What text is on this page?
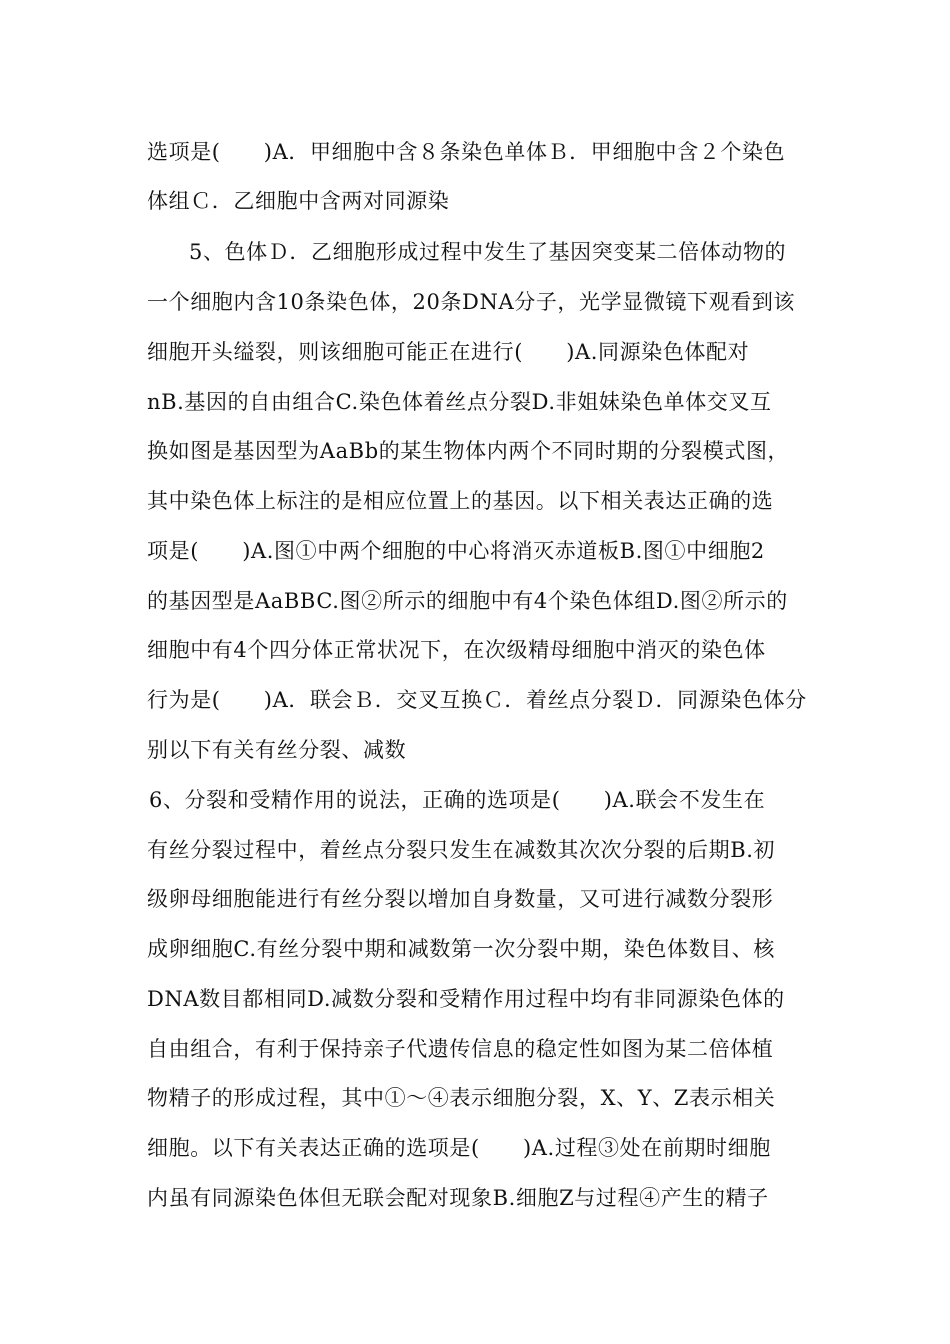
选项是(　　)A．甲细胞中含８条染色单体Ｂ．甲细胞中含２个染色
体组Ｃ．乙细胞中含两对同源染
5、色体Ｄ．乙细胞形成过程中发生了基因突变某二倍体动物的
一个细胞内含10条染色体，20条DNA分子，光学显微镜下观看到该
细胞开头缢裂，则该细胞可能正在进行(　　)A.同源染色体配对
nB.基因的自由组合C.染色体着丝点分裂D.非姐妹染色单体交叉互
换如图是基因型为AaBb的某生物体内两个不同时期的分裂模式图，
其中染色体上标注的是相应位置上的基因。以下相关表达正确的选
项是(　　)A.图①中两个细胞的中心将消灭赤道板B.图①中细胞2
的基因型是AaBBC.图②所示的细胞中有4个染色体组D.图②所示的
细胞中有4个四分体正常状况下，在次级精母细胞中消灭的染色体
行为是(　　)A．联会Ｂ．交叉互换Ｃ．着丝点分裂Ｄ．同源染色体分
别以下有关有丝分裂、减数
6、分裂和受精作用的说法，正确的选项是(　　)A.联会不发生在
有丝分裂过程中，着丝点分裂只发生在减数其次次分裂的后期B.初
级卵母细胞能进行有丝分裂以增加自身数量，又可进行减数分裂形
成卵细胞C.有丝分裂中期和减数第一次分裂中期，染色体数目、核
DNA数目都相同D.减数分裂和受精作用过程中均有非同源染色体的
自由组合，有利于保持亲子代遗传信息的稳定性如图为某二倍体植
物精子的形成过程，其中①～④表示细胞分裂，X、Y、Z表示相关
细胞。以下有关表达正确的选项是(　　)A.过程③处在前期时细胞
内虽有同源染色体但无联会配对现象B.细胞Z与过程④产生的精子
